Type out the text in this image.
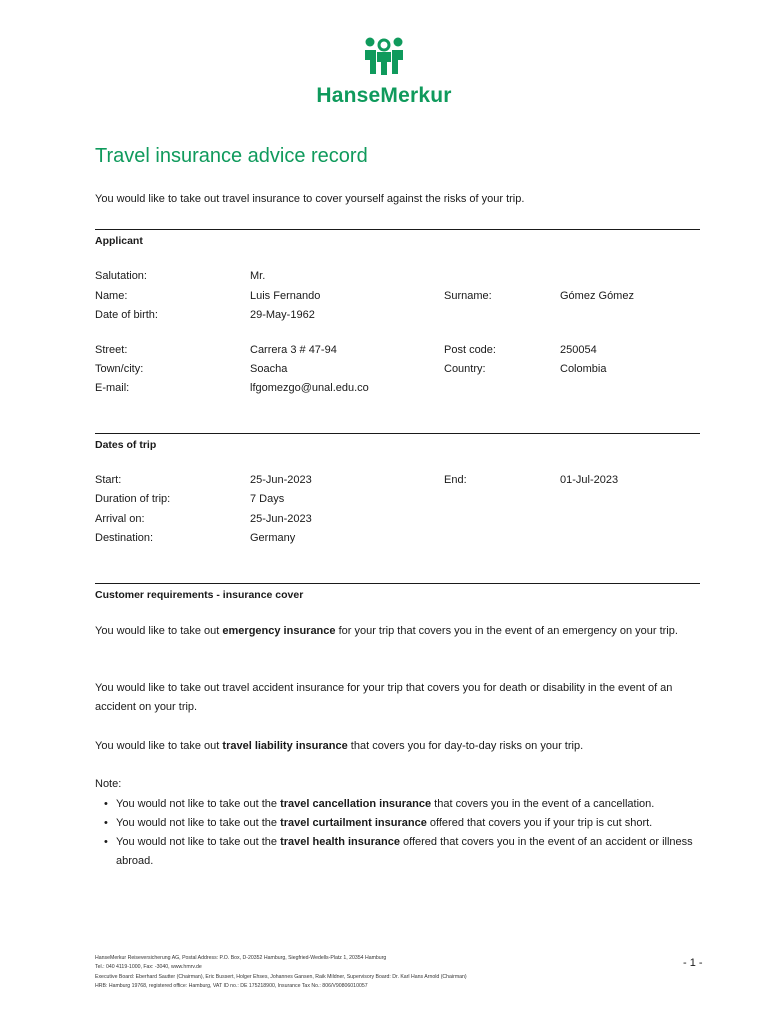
HanseMerkur
Travel insurance advice record
You would like to take out travel insurance to cover yourself against the risks of your trip.
Applicant
Salutation:	Mr.
Name:	Luis Fernando	Surname:	Gómez Gómez
Date of birth:	29-May-1962
Street:	Carrera 3 # 47-94	Post code:	250054
Town/city:	Soacha	Country:	Colombia
E-mail:	lfgomezgo@unal.edu.co
Dates of trip
Start:	25-Jun-2023	End:	01-Jul-2023
Duration of trip:	7 Days
Arrival on:	25-Jun-2023
Destination:	Germany
Customer requirements - insurance cover
You would like to take out emergency insurance for your trip that covers you in the event of an emergency on your trip.
You would like to take out travel accident insurance for your trip that covers you for death or disability in the event of an accident on your trip.
You would like to take out travel liability insurance that covers you for day-to-day risks on your trip.
Note:
• You would not like to take out the travel cancellation insurance that covers you in the event of a cancellation.
• You would not like to take out the travel curtailment insurance offered that covers you if your trip is cut short.
• You would not like to take out the travel health insurance offered that covers you in the event of an accident or illness abroad.
HanseMerkur Reiseversicherung AG, Postal Address: P.O. Box, D-20352 Hamburg, Siegfried-Wedells-Platz 1, 20354 Hamburg
Tel.: 040 4119-1000, Fax: -3040, www.hmrv.de
Executive Board: Eberhard Sautter (Chairman), Eric Bussert, Holger Ehses, Johannes Gansen, Raik Mildner, Supervisory Board: Dr. Karl Hans Arnold (Chairman)
HRB: Hamburg 19768, registered office: Hamburg, VAT ID no.: DE 175218900, Insurance Tax No.: 806/V90806010057
- 1 -
